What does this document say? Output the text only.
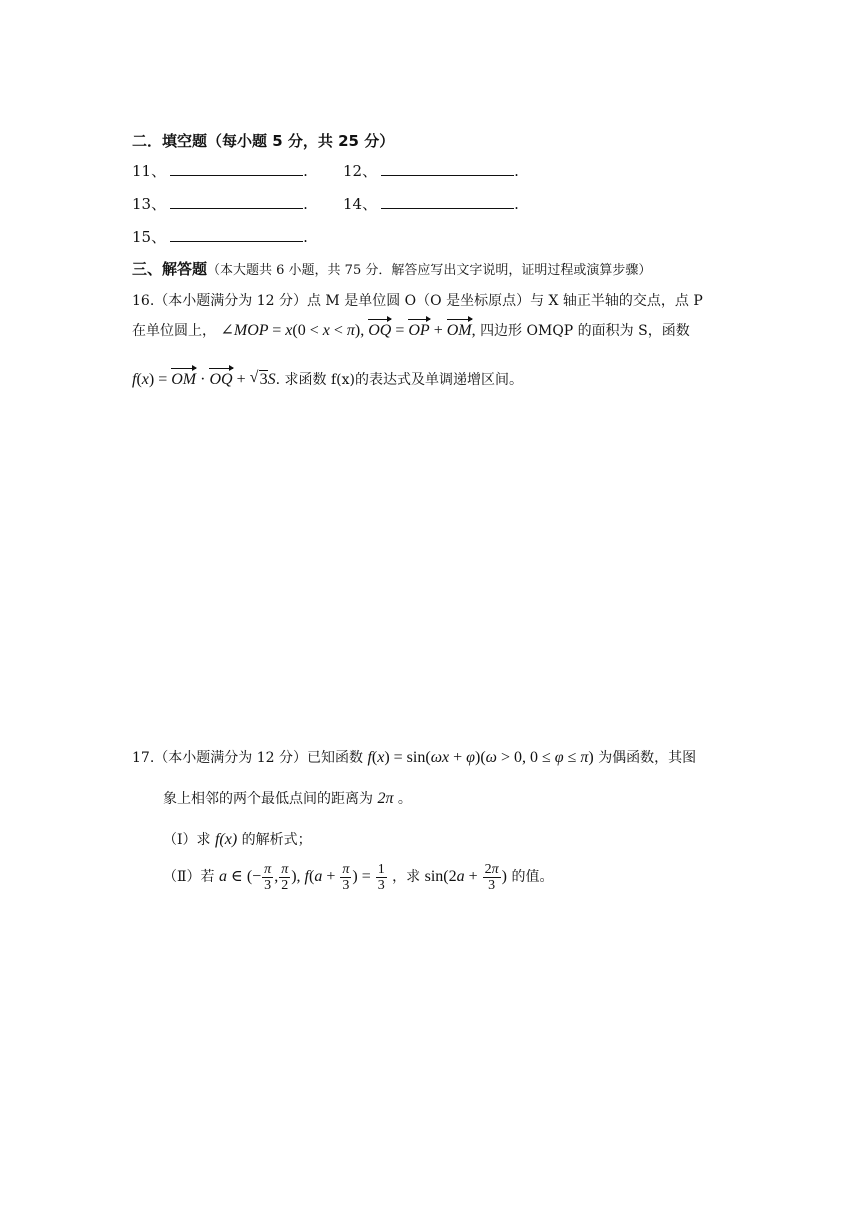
二．填空题（每小题 5 分，共 25 分）
11、	. 12、	.
13、	. 14、	.
15、	.
三、解答题（本大题共 6 小题，共 75 分．解答应写出文字说明，证明过程或演算步骤）
16.（本小题满分为 12 分）点 M 是单位圆 O（O 是坐标原点）与 X 轴正半轴的交点，点 P
在单位圆上， ∠MOP = x(0 < x < π), OQ = OP + OM, 四边形 OMQP 的面积为 S，函数
f(x) = OM · OQ + √ 3S. 求函数 f(x)的表达式及单调递增区间。
17.（本小题满分为 12 分）已知函数 f(x) = sin(ωx + φ)(ω > 0, 0 ≤ φ ≤ π) 为偶函数，其图
象上相邻的两个最低点间的距离为 2π 。
（Ⅰ）求 f(x) 的解析式；
（Ⅱ）若 a ∈ (− $\frac{\pi}{3}$ , $\frac{\pi}{2}$ ), $f(a + \frac{\pi}{3}$ ) = $\frac{1}{3}$ ，求 $\sin(2a + \frac{2\pi}{3}$ ) 的值。
